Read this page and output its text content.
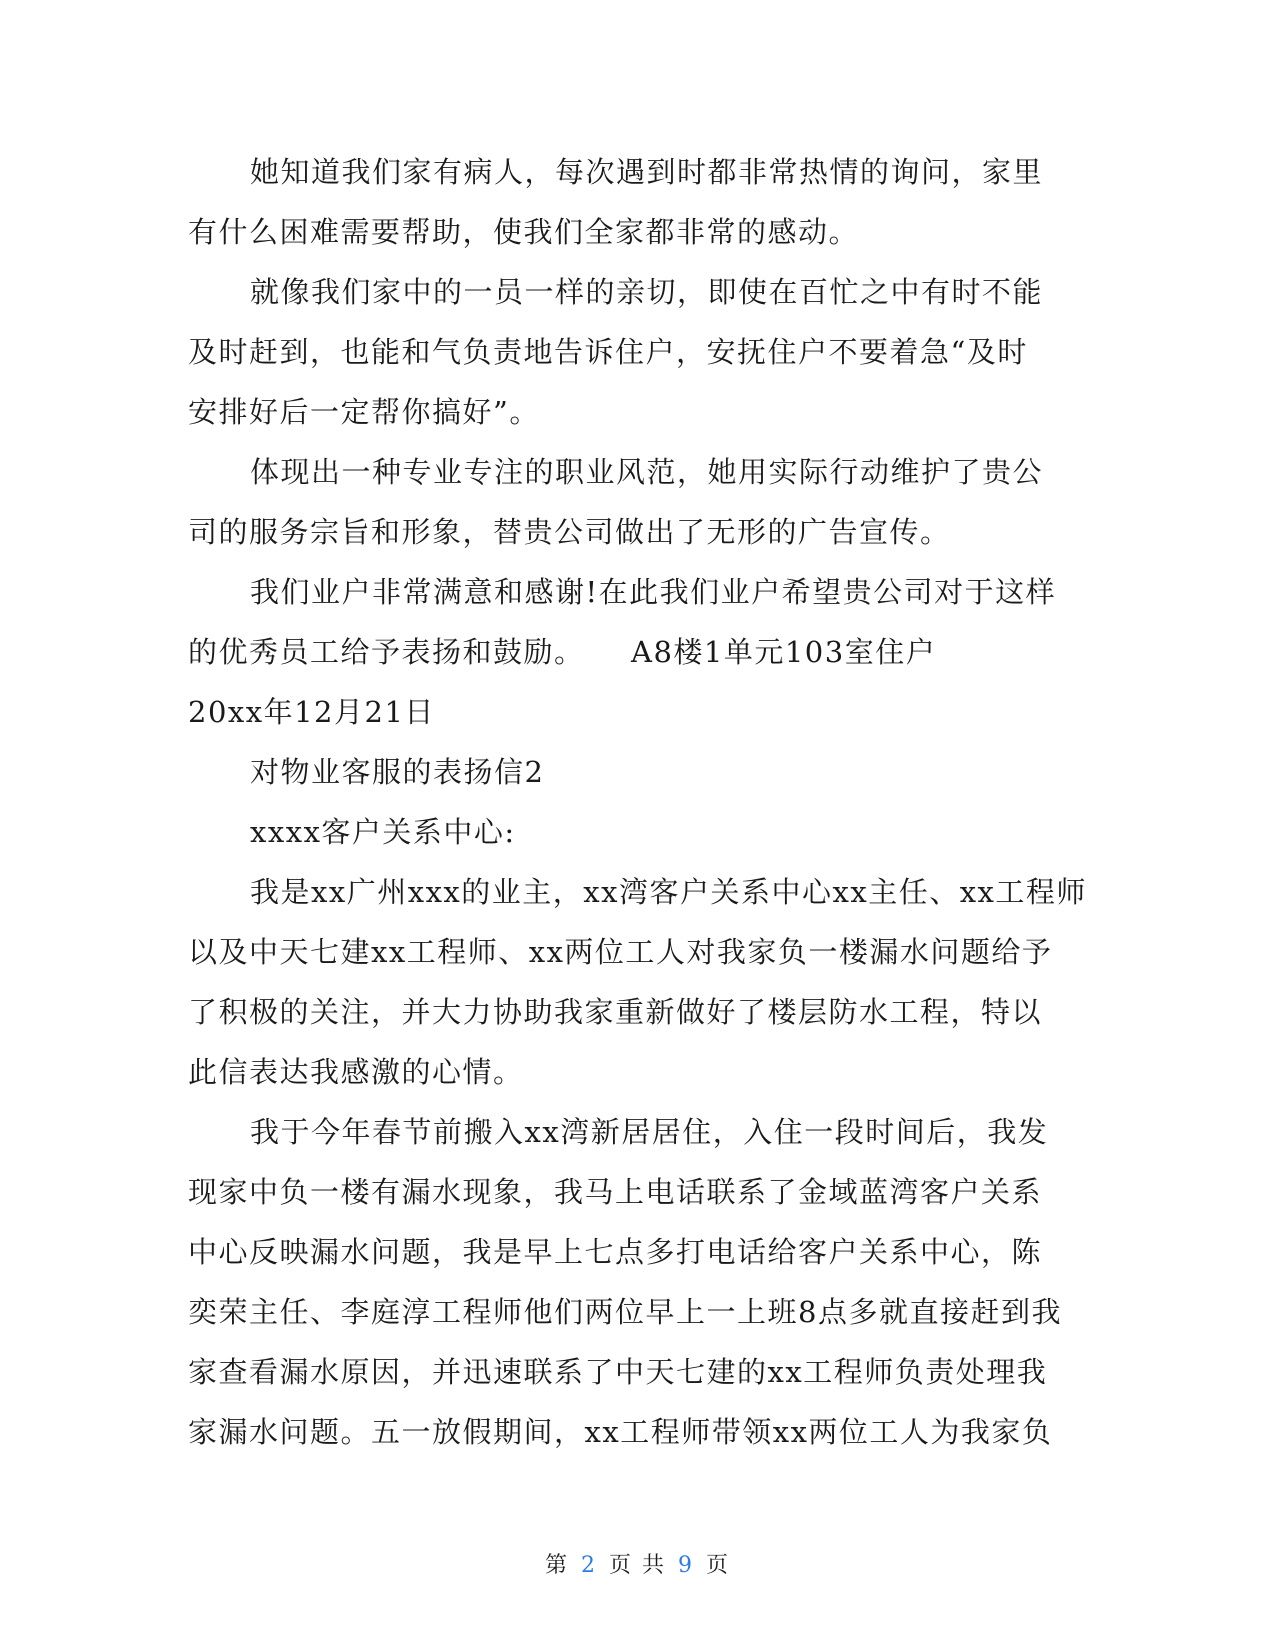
她知道我们家有病人，每次遇到时都非常热情的询问，家里

有什么困难需要帮助，使我们全家都非常的感动。

就像我们家中的一员一样的亲切，即使在百忙之中有时不能

及时赶到，也能和气负责地告诉住户，安抚住户不要着急“及时

安排好后一定帮你搞好”。

体现出一种专业专注的职业风范，她用实际行动维护了贵公

司的服务宗旨和形象，替贵公司做出了无形的广告宣传。

我们业户非常满意和感谢!在此我们业户希望贵公司对于这样

的优秀员工给予表扬和鼓励。　　A8楼1单元103室住户

20xx年12月21日

对物业客服的表扬信2

xxxx客户关系中心:

我是xx广州xxx的业主，xx湾客户关系中心xx主任、xx工程师

以及中天七建xx工程师、xx两位工人对我家负一楼漏水问题给予

了积极的关注，并大力协助我家重新做好了楼层防水工程，特以

此信表达我感激的心情。

我于今年春节前搬入xx湾新居居住，入住一段时间后，我发

现家中负一楼有漏水现象，我马上电话联系了金域蓝湾客户关系

中心反映漏水问题，我是早上七点多打电话给客户关系中心，陈

奕荣主任、李庭淳工程师他们两位早上一上班8点多就直接赶到我

家查看漏水原因，并迅速联系了中天七建的xx工程师负责处理我

家漏水问题。五一放假期间，xx工程师带领xx两位工人为我家负

第 2 页 共 9 页
